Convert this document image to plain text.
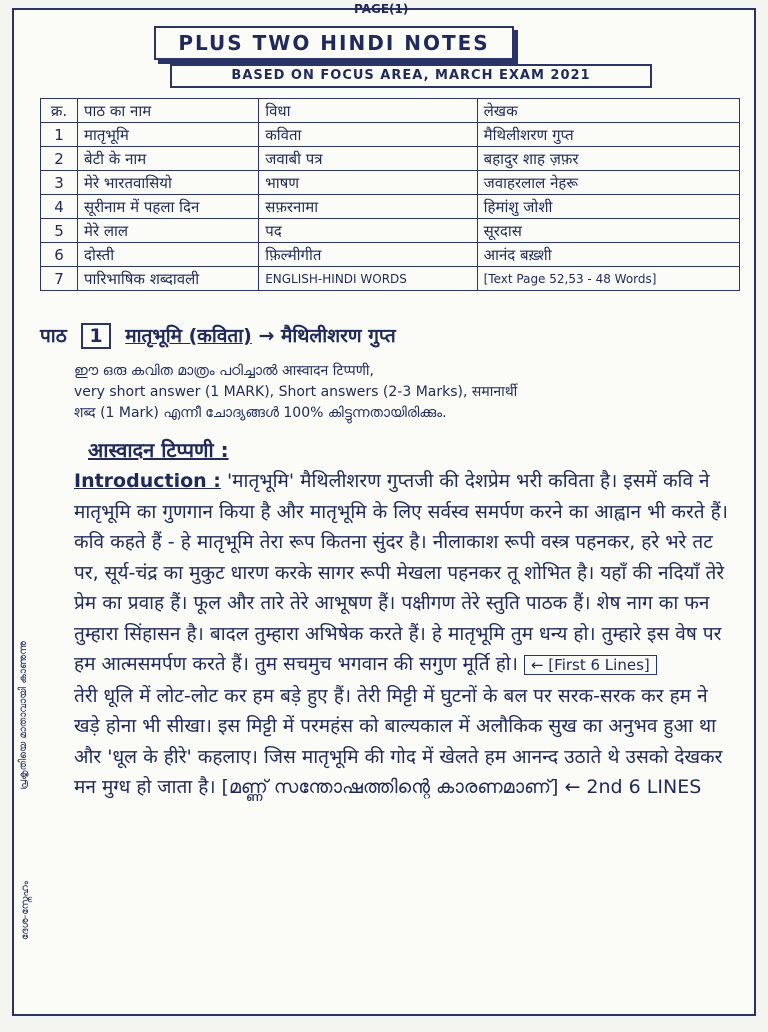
PAGE(1)
PLUS TWO HINDI NOTES
BASED ON FOCUS AREA, MARCH EXAM 2021
क्र.	पाठ का नाम	विधा	लेखक
1	मातृभूमि	कविता	मैथिलीशरण गुप्त
2	बेटी के नाम	जवाबी पत्र	बहादुर शाह ज़फ़र
3	मेरे भारतवासियो	भाषण	जवाहरलाल नेहरू
4	सूरीनाम में पहला दिन	सफ़रनामा	हिमांशु जोशी
5	मेरे लाल	पद	सूरदास
6	दोस्ती	फ़िल्मीगीत	आनंद बख़्शी
7	पारिभाषिक शब्दावली	ENGLISH-HINDI WORDS	[Text Page 52,53 - 48 Words]
पाठ 1 मातृभूमि (कविता) → मैथिलीशरण गुप्त

ഈ ഒരു കവിത മാത്രം പഠിച്ചാൽ आस्वादन टिप्पणी,

very short answer (1 MARK), Short answers (2-3 Marks), समानार्थी

शब्द (1 Mark) എന്നീ ചോദ്യങ്ങൾ 100% കിട്ടുന്നതായിരിക്കും.

आस्वादन टिप्पणी :

Introduction : 'मातृभूमि' मैथिलीशरण गुप्तजी की देशप्रेम भरी कविता है। इसमें कवि ने मातृभूमि का गुणगान किया है और मातृभूमि के लिए सर्वस्व समर्पण करने का आह्वान भी करते हैं।

कवि कहते हैं - हे मातृभूमि तेरा रूप कितना सुंदर है। नीलाकाश रूपी वस्त्र पहनकर, हरे भरे तट पर, सूर्य-चंद्र का मुकुट धारण करके सागर रूपी मेखला पहनकर तू शोभित है। यहाँ की नदियाँ तेरे प्रेम का प्रवाह हैं। फूल और तारे तेरे आभूषण हैं। पक्षीगण तेरे स्तुति पाठक हैं। शेष नाग का फन तुम्हारा सिंहासन है। बादल तुम्हारा अभिषेक करते हैं। हे मातृभूमि तुम धन्य हो। तुम्हारे इस वेष पर हम आत्मसमर्पण करते हैं। तुम सचमुच भगवान की सगुण मूर्ति हो। ← [First 6 Lines]

तेरी धूलि में लोट-लोट कर हम बड़े हुए हैं। तेरी मिट्टी में घुटनों के बल पर सरक-सरक कर हम ने खड़े होना भी सीखा। इस मिट्टी में परमहंस को बाल्यकाल में अलौकिक सुख का अनुभव हुआ था और 'धूल के हीरे' कहलाए। जिस मातृभूमि की गोद में खेलते हम आनन्द उठाते थे उसको देखकर मन मुग्ध हो जाता है। [മണ്ണ് സന്തോഷത്തിന്റെ കാരണമാണ്] ← 2nd 6 LINES

പ്രകൃതിയെ മാതാവായി കാണുന്നു
ദേശ-സ്നേഹം
